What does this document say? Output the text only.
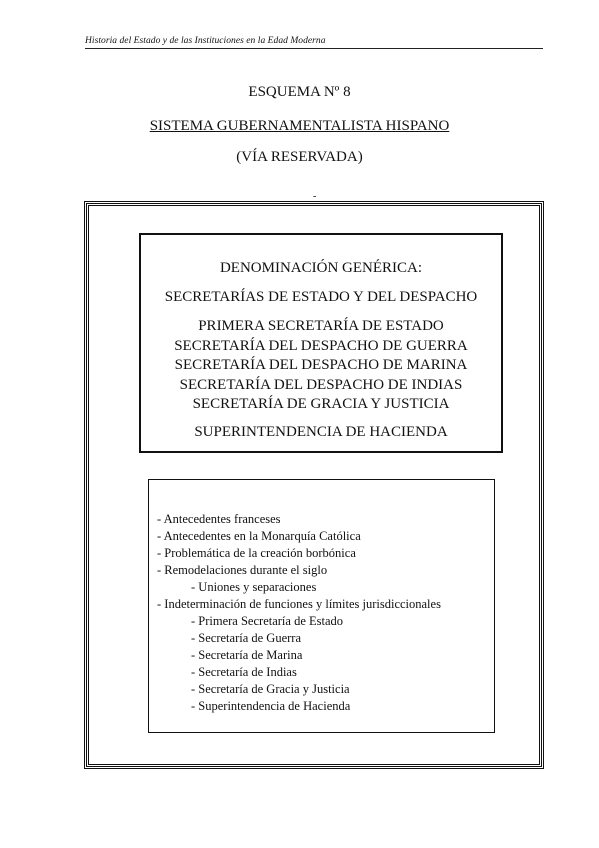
Historia del Estado y de las Instituciones en la Edad Moderna
ESQUEMA Nº 8
SISTEMA GUBERNAMENTALISTA HISPANO
(VÍA RESERVADA)
-
DENOMINACIÓN GENÉRICA:
SECRETARÍAS DE ESTADO Y DEL DESPACHO
PRIMERA SECRETARÍA DE ESTADO
SECRETARÍA DEL DESPACHO DE GUERRA
SECRETARÍA DEL DESPACHO DE MARINA
SECRETARÍA DEL DESPACHO DE INDIAS
SECRETARÍA DE GRACIA Y JUSTICIA
SUPERINTENDENCIA DE HACIENDA
- Antecedentes franceses
- Antecedentes en la Monarquía Católica
- Problemática de la creación borbónica
- Remodelaciones durante el siglo
- Uniones y separaciones
- Indeterminación de funciones y límites jurisdiccionales
- Primera Secretaría de Estado
- Secretaría de Guerra
- Secretaría de Marina
- Secretaría de Indias
- Secretaría de Gracia y Justicia
- Superintendencia de Hacienda
